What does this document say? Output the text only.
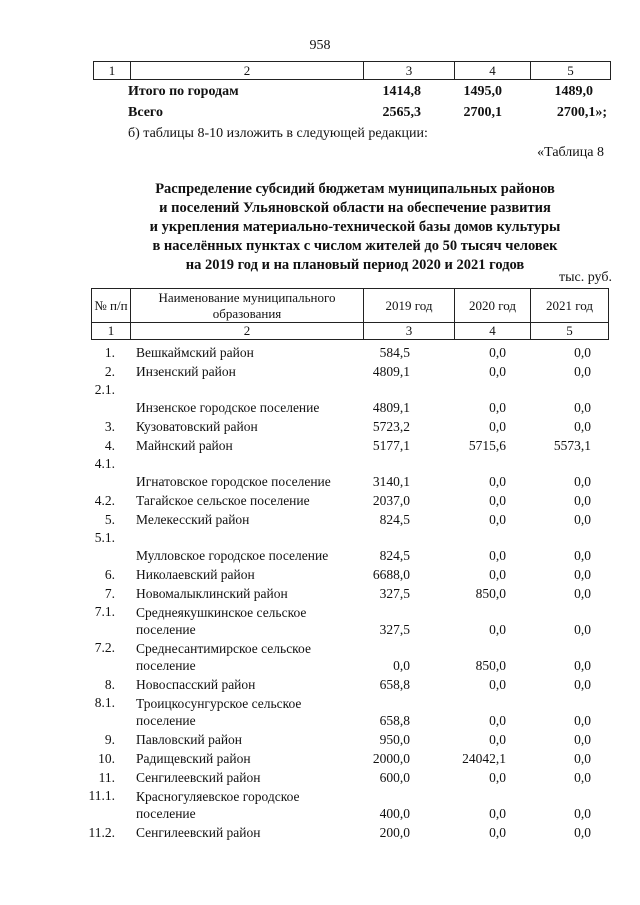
958
1	2	3	4	5
Итого по городам	1414,8	1495,0	1489,0
Всего	2565,3	2700,1	2700,1»;
б) таблицы 8-10 изложить в следующей редакции:
«Таблица 8
Распределение субсидий бюджетам муниципальных районов
и поселений Ульяновской области на обеспечение развития
и укрепления материально-технической базы домов культуры
в населённых пунктах с числом жителей до 50 тысяч человек
на 2019 год и на плановый период 2020 и 2021 годов
тыс. руб.
№ п/п	Наименование муниципального образования	2019 год	2020 год	2021 год
1	2	3	4	5
1. Вешкаймский район	584,5	0,0	0,0
2. Инзенский район	4809,1	0,0	0,0
2.1.
Инзенское городское поселение	4809,1	0,0	0,0
3. Кузоватовский район	5723,2	0,0	0,0
4. Майнский район	5177,1	5715,6	5573,1
4.1.
Игнатовское городское поселение	3140,1	0,0	0,0
4.2. Тагайское сельское поселение	2037,0	0,0	0,0
5. Мелекесский район	824,5	0,0	0,0
5.1.
Мулловское городское поселение	824,5	0,0	0,0
6. Николаевский район	6688,0	0,0	0,0
7. Новомалыклинский район	327,5	850,0	0,0
7.1. Среднеякушкинское сельское поселение	327,5	0,0	0,0
7.2. Среднесантимирское сельское поселение	0,0	850,0	0,0
8. Новоспасский район	658,8	0,0	0,0
8.1. Троицкосунгурское сельское поселение	658,8	0,0	0,0
9. Павловский район	950,0	0,0	0,0
10. Радищевский район	2000,0	24042,1	0,0
11. Сенгилеевский район	600,0	0,0	0,0
11.1. Красногуляевское городское поселение	400,0	0,0	0,0
11.2. Сенгилеевский район	200,0	0,0	0,0
